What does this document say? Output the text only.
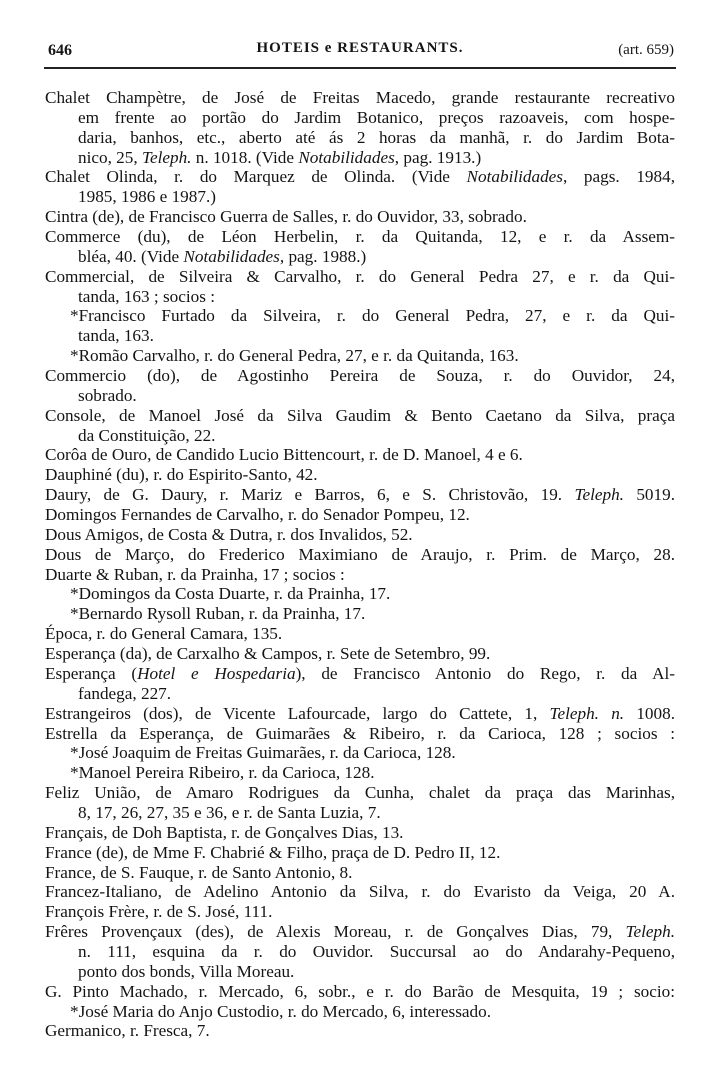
646	HOTEIS e RESTAURANTS.	(art. 659)
Chalet Champètre, de José de Freitas Macedo, grande restaurante recreativo
em frente ao portão do Jardim Botanico, preços razoaveis, com hospe-
daria, banhos, etc., aberto até ás 2 horas da manhã, r. do Jardim Bota-
nico, 25, Teleph. n. 1018. (Vide Notabilidades, pag. 1913.)
Chalet Olinda, r. do Marquez de Olinda. (Vide Notabilidades, pags. 1984,
1985, 1986 e 1987.)
Cintra (de), de Francisco Guerra de Salles, r. do Ouvidor, 33, sobrado.
Commerce (du), de Léon Herbelin, r. da Quitanda, 12, e r. da Assem-
bléa, 40. (Vide Notabilidades, pag. 1988.)
Commercial, de Silveira & Carvalho, r. do General Pedra 27, e r. da Qui-
tanda, 163 ; socios :
*Francisco Furtado da Silveira, r. do General Pedra, 27, e r. da Qui-
tanda, 163.
*Romão Carvalho, r. do General Pedra, 27, e r. da Quitanda, 163.
Commercio (do), de Agostinho Pereira de Souza, r. do Ouvidor, 24,
sobrado.
Console, de Manoel José da Silva Gaudim & Bento Caetano da Silva, praça
da Constituição, 22.
Corôa de Ouro, de Candido Lucio Bittencourt, r. de D. Manoel, 4 e 6.
Dauphiné (du), r. do Espirito-Santo, 42.
Daury, de G. Daury, r. Mariz e Barros, 6, e S. Christovão, 19. Teleph. 5019.
Domingos Fernandes de Carvalho, r. do Senador Pompeu, 12.
Dous Amigos, de Costa & Dutra, r. dos Invalidos, 52.
Dous de Março, do Frederico Maximiano de Araujo, r. Prim. de Março, 28.
Duarte & Ruban, r. da Prainha, 17 ; socios :
*Domingos da Costa Duarte, r. da Prainha, 17.
*Bernardo Rysoll Ruban, r. da Prainha, 17.
Época, r. do General Camara, 135.
Esperança (da), de Carxalho & Campos, r. Sete de Setembro, 99.
Esperança (Hotel e Hospedaria), de Francisco Antonio do Rego, r. da Al-
fandega, 227.
Estrangeiros (dos), de Vicente Lafourcade, largo do Cattete, 1, Teleph. n. 1008.
Estrella da Esperança, de Guimarães & Ribeiro, r. da Carioca, 128 ; socios :
*José Joaquim de Freitas Guimarães, r. da Carioca, 128.
*Manoel Pereira Ribeiro, r. da Carioca, 128.
Feliz União, de Amaro Rodrigues da Cunha, chalet da praça das Marinhas,
8, 17, 26, 27, 35 e 36, e r. de Santa Luzia, 7.
Français, de Doh Baptista, r. de Gonçalves Dias, 13.
France (de), de Mme F. Chabrié & Filho, praça de D. Pedro II, 12.
France, de S. Fauque, r. de Santo Antonio, 8.
Francez-Italiano, de Adelino Antonio da Silva, r. do Evaristo da Veiga, 20 A.
François Frère, r. de S. José, 111.
Frêres Provençaux (des), de Alexis Moreau, r. de Gonçalves Dias, 79, Teleph.
n. 111, esquina da r. do Ouvidor. Succursal ao do Andarahy-Pequeno,
ponto dos bonds, Villa Moreau.
G. Pinto Machado, r. Mercado, 6, sobr., e r. do Barão de Mesquita, 19 ; socio:
*José Maria do Anjo Custodio, r. do Mercado, 6, interessado.
Germanico, r. Fresca, 7.
